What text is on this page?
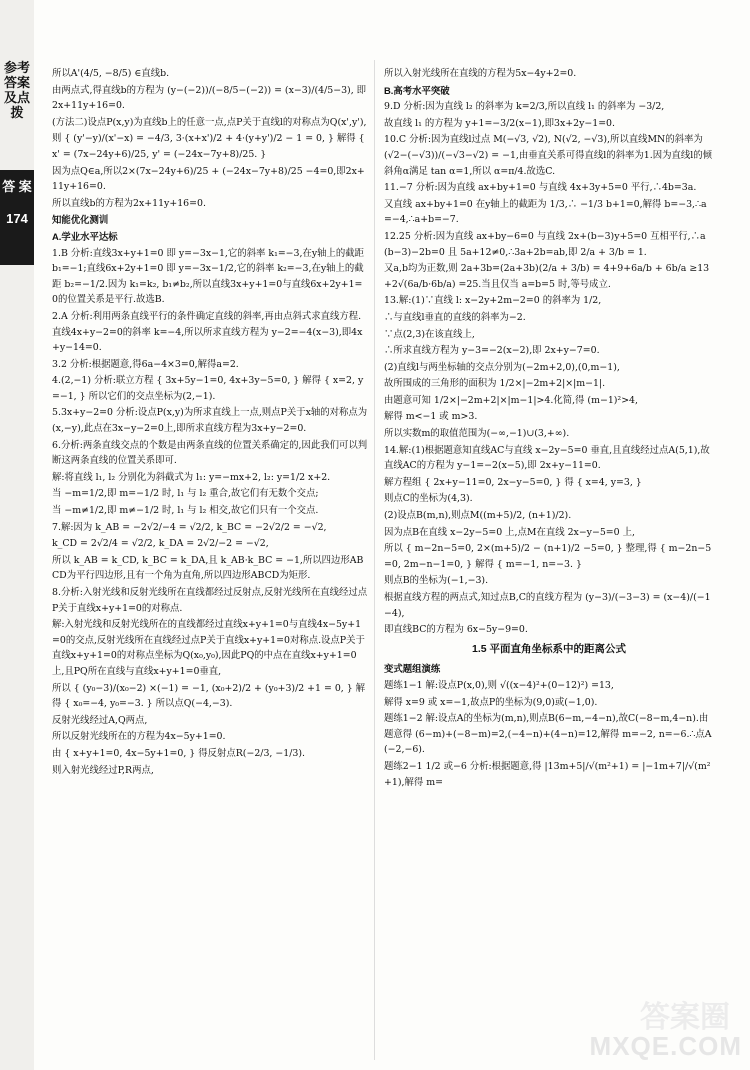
参考答案及点拨
答 案
174
所以A'(4/5, −8/5) ∈直线b.
由两点式,得直线b的方程为 (y−(−2))/(−8/5−(−2)) = (x−3)/(4/5−3), 即2x+11y+16=0.
(方法二)设点P(x,y)为直线b上的任意一点,点P关于直线l的对称点为Q(x',y'),
则 { (y'−y)/(x'−x) = −4/3, 3·(x+x')/2 + 4·(y+y')/2 − 1 = 0, } 解得 { x' = (7x−24y+6)/25, y' = (−24x−7y+8)/25. }
因为点Q∈a,所以2×(7x−24y+6)/25 + (−24x−7y+8)/25 −4=0,即2x+11y+16=0.
所以直线b的方程为2x+11y+16=0.
知能优化测训
A.学业水平达标
1.B 分析:直线3x+y+1=0 即 y=−3x−1,它的斜率 k₁=−3,在y轴上的截距 b₁=−1;直线6x+2y+1=0 即 y=−3x−1/2,它的斜率 k₂=−3,在y轴上的截距 b₂=−1/2.因为 k₁=k₂, b₁≠b₂,所以直线3x+y+1=0与直线6x+2y+1=0的位置关系是平行.故选B.
2.A 分析:利用两条直线平行的条件确定直线的斜率,再由点斜式求直线方程.直线4x+y−2=0的斜率 k=−4,所以所求直线方程为 y−2=−4(x−3),即4x+y−14=0.
3.2 分析:根据题意,得6a−4×3=0,解得a=2.
4.(2,−1) 分析:联立方程 { 3x+5y−1=0, 4x+3y−5=0, } 解得 { x=2, y=−1, } 所以它们的交点坐标为(2,−1).
5.3x+y−2=0 分析:设点P(x,y)为所求直线上一点,则点P关于x轴的对称点为(x,−y),此点在3x−y−2=0上,即所求直线方程为3x+y−2=0.
6.分析:两条直线交点的个数是由两条直线的位置关系确定的,因此我们可以判断这两条直线的位置关系即可.
解:将直线 l₁, l₂ 分别化为斜截式为 l₁: y=−mx+2, l₂: y=1/2 x+2.
当 −m=1/2,即 m=−1/2 时, l₁ 与 l₂ 重合,故它们有无数个交点;
当 −m≠1/2,即 m≠−1/2 时, l₁ 与 l₂ 相交,故它们只有一个交点.
7.解:因为 k_AB = −2√2/−4 = √2/2, k_BC = −2√2/2 = −√2,
k_CD = 2√2/4 = √2/2, k_DA = 2√2/−2 = −√2,
所以 k_AB = k_CD, k_BC = k_DA,且 k_AB·k_BC = −1,所以四边形ABCD为平行四边形,且有一个角为直角,所以四边形ABCD为矩形.
8.分析:入射光线和反射光线所在直线都经过反射点,反射光线所在直线经过点P关于直线x+y+1=0的对称点.
解:入射光线和反射光线所在的直线都经过直线x+y+1=0与直线4x−5y+1=0的交点,反射光线所在直线经过点P关于直线x+y+1=0对称点.设点P关于直线x+y+1=0的对称点坐标为Q(x₀,y₀),因此PQ的中点在直线x+y+1=0上,且PQ所在直线与直线x+y+1=0垂直,
所以 { (y₀−3)/(x₀−2) ×(−1) = −1, (x₀+2)/2 + (y₀+3)/2 +1 = 0, } 解得 { x₀=−4, y₀=−3. } 所以点Q(−4,−3).
反射光线经过A,Q两点,
所以反射光线所在的方程为4x−5y+1=0.
由 { x+y+1=0, 4x−5y+1=0, } 得反射点R(−2/3, −1/3).
则入射光线经过P,R两点,
所以入射光线所在直线的方程为5x−4y+2=0.
B.高考水平突破
9.D 分析:因为直线 l₂ 的斜率为 k=2/3,所以直线 l₁ 的斜率为 −3/2,
故直线 l₁ 的方程为 y+1=−3/2(x−1),即3x+2y−1=0.
10.C 分析:因为直线l过点 M(−√3, √2), N(√2, −√3),所以直线MN的斜率为 (√2−(−√3))/(−√3−√2) = −1,由垂直关系可得直线l的斜率为1.因为直线l的倾斜角α满足 tan α=1,所以 α=π/4.故选C.
11.−7 分析:因为直线 ax+by+1=0 与直线 4x+3y+5=0 平行,∴4b=3a.
又直线 ax+by+1=0 在y轴上的截距为 1/3,∴ −1/3 b+1=0,解得 b=−3,∴a=−4,∴a+b=−7.
12.25 分析:因为直线 ax+by−6=0 与直线 2x+(b−3)y+5=0 互相平行,∴a(b−3)−2b=0 且 5a+12≠0,∴3a+2b=ab,即 2/a + 3/b = 1.
又a,b均为正数,则 2a+3b=(2a+3b)(2/a + 3/b) = 4+9+6a/b + 6b/a ≥13+2√(6a/b·6b/a) =25.当且仅当 a=b=5 时,等号成立.
13.解:(1)∵直线 l: x−2y+2m−2=0 的斜率为 1/2,
∴与直线l垂直的直线的斜率为−2.
∵点(2,3)在该直线上,
∴所求直线方程为 y−3=−2(x−2),即 2x+y−7=0.
(2)直线l与两坐标轴的交点分别为(−2m+2,0),(0,m−1),
故所围成的三角形的面积为 1/2×|−2m+2|×|m−1|.
由题意可知 1/2×|−2m+2|×|m−1|>4.化简,得 (m−1)²>4,
解得 m<−1 或 m>3.
所以实数m的取值范围为(−∞,−1)∪(3,+∞).
14.解:(1)根据题意知直线AC与直线 x−2y−5=0 垂直,且直线经过点A(5,1),故直线AC的方程为 y−1=−2(x−5),即 2x+y−11=0.
解方程组 { 2x+y−11=0, 2x−y−5=0, } 得 { x=4, y=3, }
则点C的坐标为(4,3).
(2)设点B(m,n),则点M((m+5)/2, (n+1)/2).
因为点B在直线 x−2y−5=0 上,点M在直线 2x−y−5=0 上,
所以 { m−2n−5=0, 2×(m+5)/2 − (n+1)/2 −5=0, } 整理,得 { m−2n−5=0, 2m−n−1=0, } 解得 { m=−1, n=−3. }
则点B的坐标为(−1,−3).
根据直线方程的两点式,知过点B,C的直线方程为 (y−3)/(−3−3) = (x−4)/(−1−4),
即直线BC的方程为 6x−5y−9=0.
1.5 平面直角坐标系中的距离公式
变式题组演练
题练1−1 解:设点P(x,0),则 √((x−4)²+(0−12)²) =13,
解得 x=9 或 x=−1,故点P的坐标为(9,0)或(−1,0).
题练1−2 解:设点A的坐标为(m,n),则点B(6−m,−4−n),故C(−8−m,4−n).由题意得 (6−m)+(−8−m)=2,(−4−n)+(4−n)=12,解得 m=−2, n=−6.∴点A(−2,−6).
题练2−1 1/2 或−6 分析:根据题意,得 |13m+5|/√(m²+1) = |−1m+7|/√(m²+1),解得 m=
答案圈
MXQE.COM
